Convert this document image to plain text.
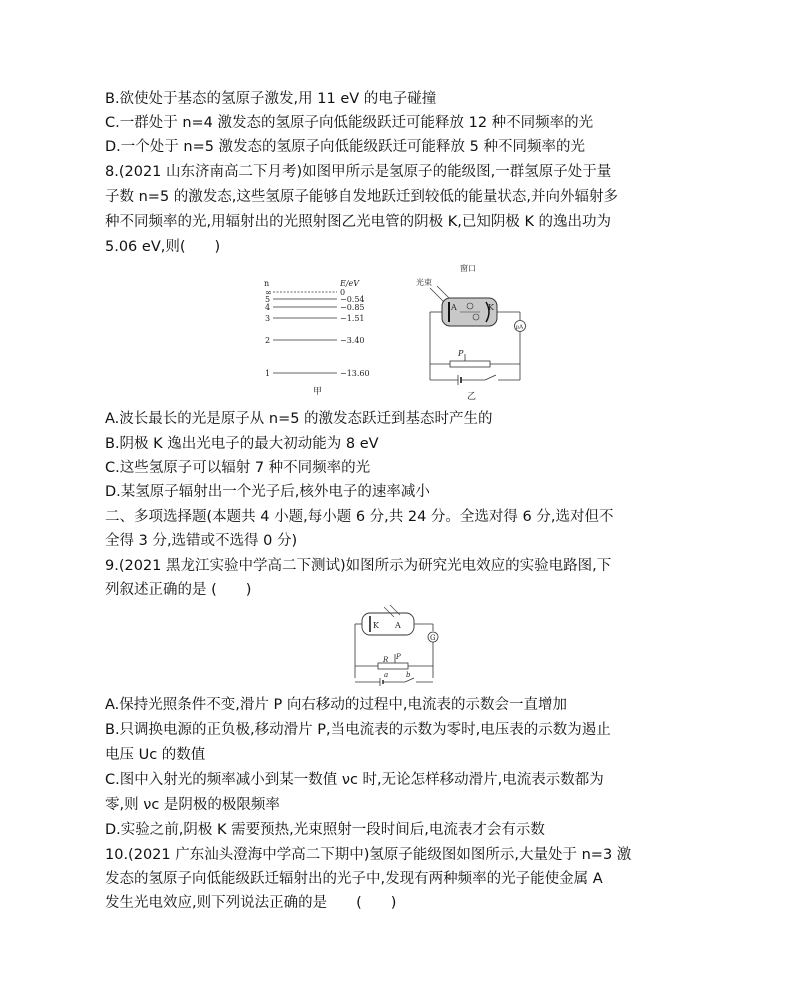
B.欲使处于基态的氢原子激发,用 11 eV 的电子碰撞
C.一群处于 n=4 激发态的氢原子向低能级跃迁可能释放 12 种不同频率的光
D.一个处于 n=5 激发态的氢原子向低能级跃迁可能释放 5 种不同频率的光
8.(2021 山东济南高二下月考)如图甲所示是氢原子的能级图,一群氢原子处于量
子数 n=5 的激发态,这些氢原子能够自发地跃迁到较低的能量状态,并向外辐射多
种不同频率的光,用辐射出的光照射图乙光电管的阴极 K,已知阴极 K 的逸出功为
5.06 eV,则(　　)
n	E/eV
∞	0
5	−0.54
4	−0.85
3	−1.51
2	−3.40
1	−13.60
甲
窗口
光束
A	K
μA
P
乙
A.波长最长的光是原子从 n=5 的激发态跃迁到基态时产生的
B.阴极 K 逸出光电子的最大初动能为 8 eV
C.这些氢原子可以辐射 7 种不同频率的光
D.某氢原子辐射出一个光子后,核外电子的速率减小
二、多项选择题(本题共 4 小题,每小题 6 分,共 24 分。全选对得 6 分,选对但不
全得 3 分,选错或不选得 0 分)
9.(2021 黑龙江实验中学高二下测试)如图所示为研究光电效应的实验电路图,下
列叙述正确的是 (　　)
K A
G
R P
a	b
A.保持光照条件不变,滑片 P 向右移动的过程中,电流表的示数会一直增加
B.只调换电源的正负极,移动滑片 P,当电流表的示数为零时,电压表的示数为遏止
电压 Uc 的数值
C.图中入射光的频率减小到某一数值 νc 时,无论怎样移动滑片,电流表示数都为
零,则 νc 是阴极的极限频率
D.实验之前,阴极 K 需要预热,光束照射一段时间后,电流表才会有示数
10.(2021 广东汕头澄海中学高二下期中)氢原子能级图如图所示,大量处于 n=3 激
发态的氢原子向低能级跃迁辐射出的光子中,发现有两种频率的光子能使金属 A
发生光电效应,则下列说法正确的是　　(　　)
